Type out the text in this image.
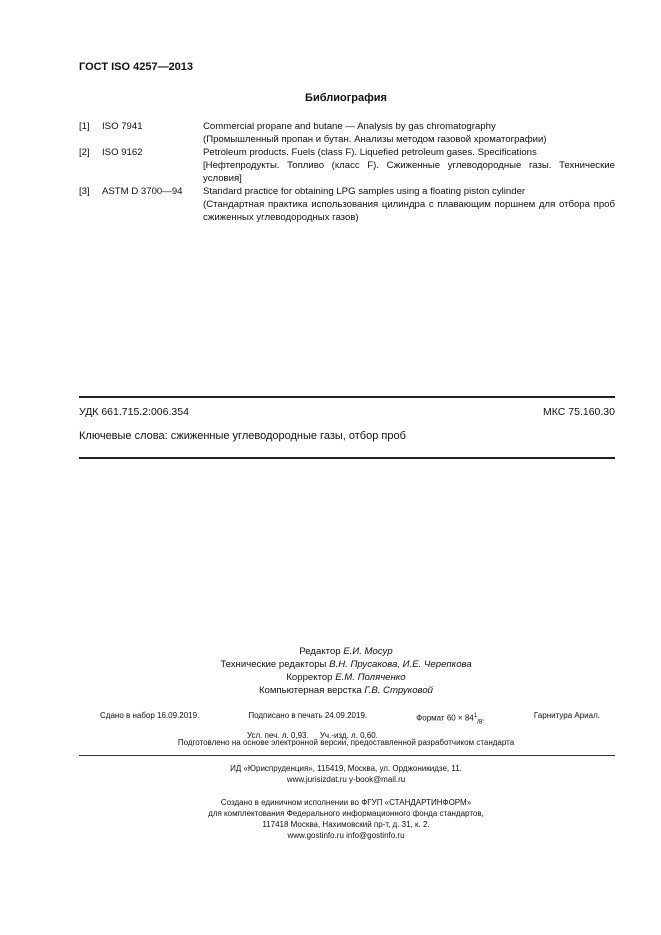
ГОСТ ISO 4257—2013
Библиография
[1]	ISO 7941	Commercial propane and butane — Analysis by gas chromatography
(Промышленный пропан и бутан. Анализы методом газовой хроматографии)
[2]	ISO 9162	Petroleum products. Fuels (class F). Liquefied petroleum gases. Specifications
[Нефтепродукты. Топливо (класс F). Сжиженные углеводородные газы. Технические условия]
[3]	ASTM D 3700—94	Standard practice for obtaining LPG samples using a floating piston cylinder
(Стандартная практика использования цилиндра с плавающим поршнем для отбора проб сжиженных углеводородных газов)
УДК 661.715.2:006.354	МКС 75.160.30
Ключевые слова: сжиженные углеводородные газы, отбор проб
Редактор Е.И. Мосур
Технические редакторы В.Н. Прусакова, И.Е. Черепкова
Корректор Е.М. Поляченко
Компьютерная верстка Г.В. Струковой
Сдано в набор 16.09.2019.	Подписано в печать 24.09.2019.	Формат $60 \times 84^1_{/8}$.	Гарнитура Ариал.
Усл. печ. л. 0,93. Уч.-изд. л. 0,60.
Подготовлено на основе электронной версии, предоставленной разработчиком стандарта
ИД «Юриспруденция», 115419, Москва, ул. Орджоникидзе, 11.
www.jurisizdat.ru y-book@mail.ru
Создано в единичном исполнении во ФГУП «СТАНДАРТИНФОРМ»
для комплектования Федерального информационного фонда стандартов,
117418 Москва, Нахимовский пр-т, д. 31, к. 2.
www.gostinfo.ru info@gostinfo.ru
